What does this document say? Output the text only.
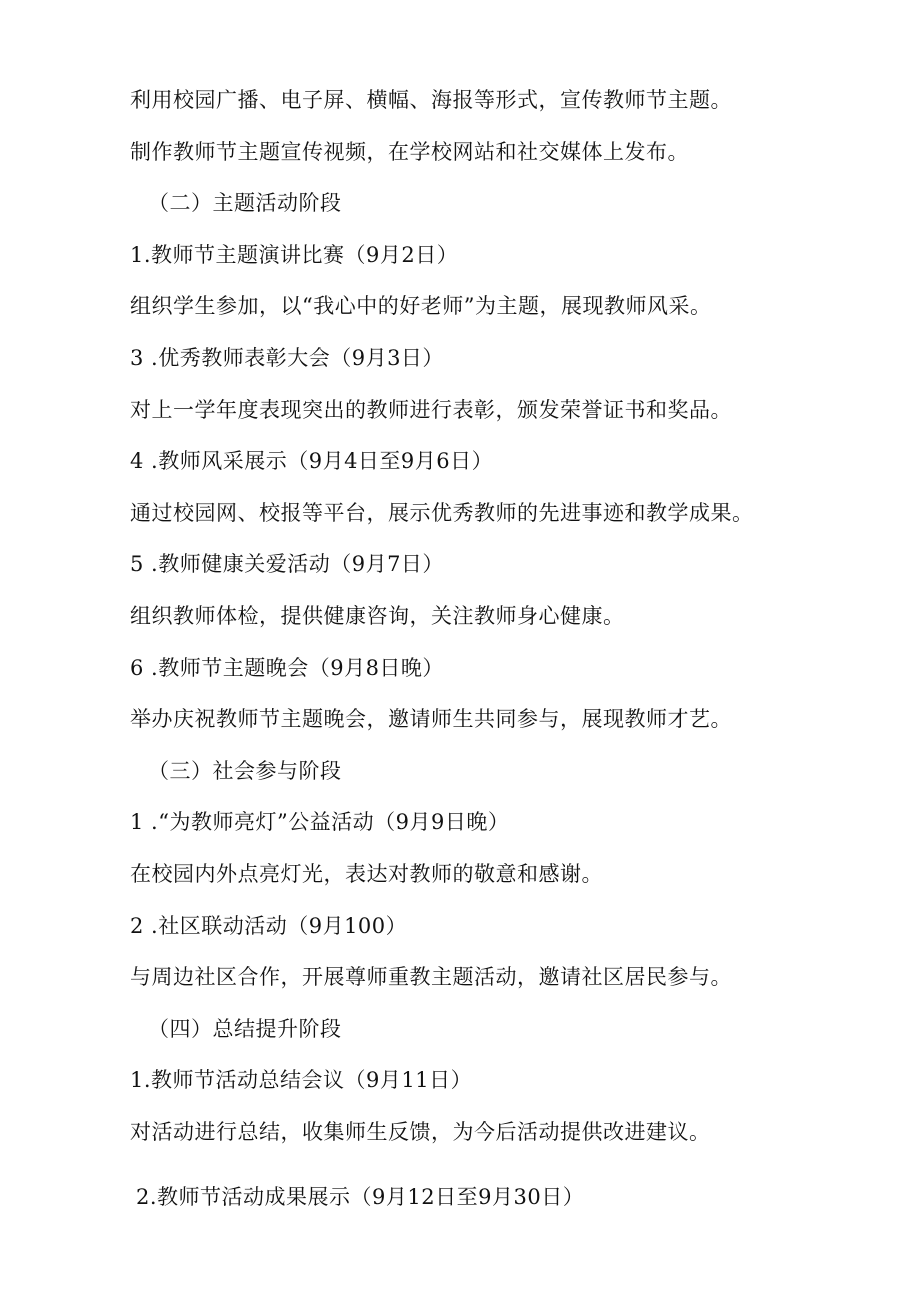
利用校园广播、电子屏、横幅、海报等形式，宣传教师节主题。
制作教师节主题宣传视频，在学校网站和社交媒体上发布。
（二）主题活动阶段
1.教师节主题演讲比赛（9月2日）
组织学生参加，以“我心中的好老师”为主题，展现教师风采。
3 .优秀教师表彰大会（9月3日）
对上一学年度表现突出的教师进行表彰，颁发荣誉证书和奖品。
4 .教师风采展示（9月4日至9月6日）
通过校园网、校报等平台，展示优秀教师的先进事迹和教学成果。
5 .教师健康关爱活动（9月7日）
组织教师体检，提供健康咨询，关注教师身心健康。
6 .教师节主题晚会（9月8日晚）
举办庆祝教师节主题晚会，邀请师生共同参与，展现教师才艺。
（三）社会参与阶段
1 .“为教师亮灯”公益活动（9月9日晚）
在校园内外点亮灯光，表达对教师的敬意和感谢。
2 .社区联动活动（9月100）
与周边社区合作，开展尊师重教主题活动，邀请社区居民参与。
（四）总结提升阶段
1.教师节活动总结会议（9月11日）
对活动进行总结，收集师生反馈，为今后活动提供改进建议。
2.教师节活动成果展示（9月12日至9月30日）
